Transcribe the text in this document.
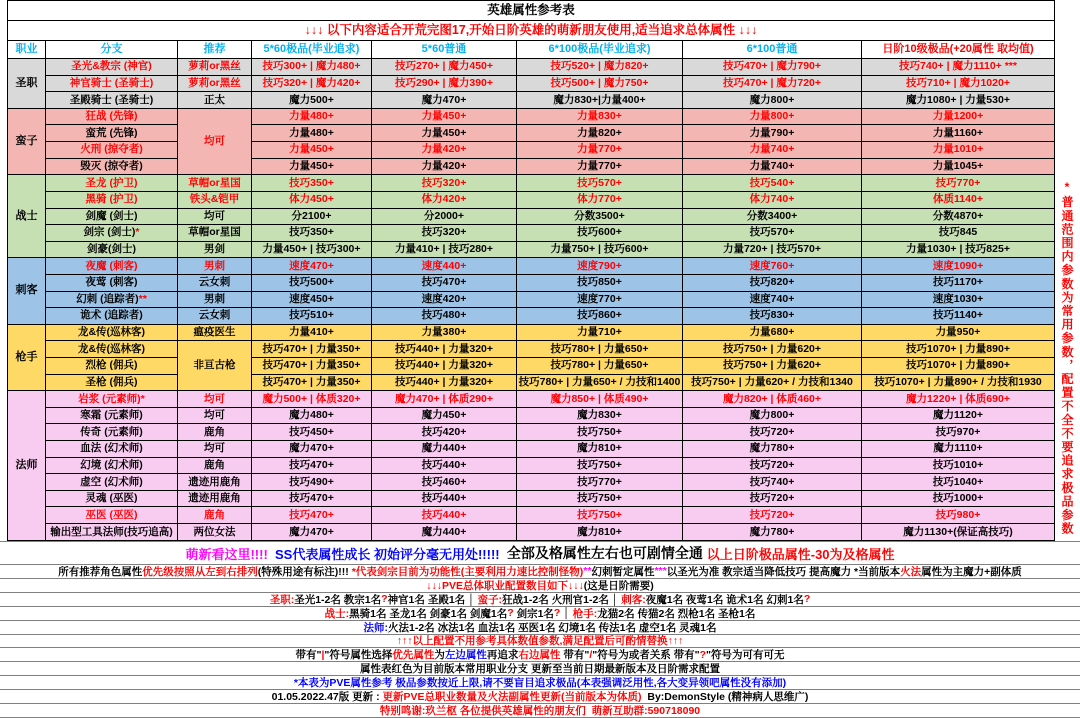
英雄属性参考表							
↓↓↓ 以下内容适合开荒完图17,开始日阶英雄的萌新朋友使用,适当追求总体属性 ↓↓↓							
职业	分支	推荐	5*60极品(毕业追求)	5*60普通	6*100极品(毕业追求)	6*100普通	日阶10级极品(+20属性 取均值)
圣职	圣光&教宗 (神官)	萝莉or黑丝	技巧300+ | 魔力480+	技巧270+ | 魔力450+	技巧520+ | 魔力820+	技巧470+ | 魔力790+	技巧740+ | 魔力1110+ ***
	神官骑士 (圣骑士)	萝莉or黑丝	技巧320+ | 魔力420+	技巧290+ | 魔力390+	技巧500+ | 魔力750+	技巧470+ | 魔力720+	技巧710+ | 魔力1020+
	圣殿骑士 (圣骑士)	正太	魔力500+	魔力470+	魔力830+|力量400+	魔力800+	魔力1080+ | 力量530+
蛮子	狂战 (先锋)	均可	力量480+	力量450+	力量830+	力量800+	力量1200+
	蛮荒 (先锋)		力量480+	力量450+	力量820+	力量790+	力量1160+
	火刑 (掠夺者)		力量450+	力量420+	力量770+	力量740+	力量1010+
	毁灭 (掠夺者)		力量450+	力量420+	力量770+	力量740+	力量1045+
战士	圣龙 (护卫)	草帽or星国	技巧350+	技巧320+	技巧570+	技巧540+	技巧770+
	黑骑 (护卫)	铁头&铠甲	体力450+	体力420+	体力770+	体力740+	体质1140+
	剑魔 (剑士)	均可	分2100+	分2000+	分数3500+	分数3400+	分数4870+
	剑宗 (剑士)*	草帽or星国	技巧350+	技巧320+	技巧600+	技巧570+	技巧845
	剑豪(剑士)	男剑	力量450+ | 技巧300+	力量410+ | 技巧280+	力量750+ | 技巧600+	力量720+ | 技巧570+	力量1030+ | 技巧825+
刺客	夜魔 (刺客)	男刺	速度470+	速度440+	速度790+	速度760+	速度1090+
	夜莺 (刺客)	云女刺	技巧500+	技巧470+	技巧850+	技巧820+	技巧1170+
	幻刺 (追踪者)**	男刺	速度450+	速度420+	速度770+	速度740+	速度1030+
	诡术 (追踪者)	云女刺	技巧510+	技巧480+	技巧860+	技巧830+	技巧1140+
枪手	龙&传(巡林客)	瘟疫医生	力量410+	力量380+	力量710+	力量680+	力量950+
	龙&传(巡林客)	非亘古枪	技巧470+ | 力量350+	技巧440+ | 力量320+	技巧780+ | 力量650+	技巧750+ | 力量620+	技巧1070+ | 力量890+
	烈枪 (佣兵)		技巧470+ | 力量350+	技巧440+ | 力量320+	技巧780+ | 力量650+	技巧750+ | 力量620+	技巧1070+ | 力量890+
	圣枪 (佣兵)		技巧470+ | 力量350+	技巧440+ | 力量320+	技巧780+ | 力量650+ / 力技和1400	技巧750+ | 力量620+ / 力技和1340	技巧1070+ | 力量890+ / 力技和1930
法师	岩浆 (元素师)*	均可	魔力500+ | 体质320+	魔力470+ | 体质290+	魔力850+ | 体质490+	魔力820+ | 体质460+	魔力1220+ | 体质690+
	寒霜 (元素师)	均可	魔力480+	魔力450+	魔力830+	魔力800+	魔力1120+
	传奇 (元素师)	鹿角	技巧450+	技巧420+	技巧750+	技巧720+	技巧970+
	血法 (幻术师)	均可	魔力470+	魔力440+	魔力810+	魔力780+	魔力1110+
	幻境 (幻术师)	鹿角	技巧470+	技巧440+	技巧750+	技巧720+	技巧1010+
	虚空 (幻术师)	遗迹用鹿角	技巧490+	技巧460+	技巧770+	技巧740+	技巧1040+
	灵魂 (巫医)	遗迹用鹿角	技巧470+	技巧440+	技巧750+	技巧720+	技巧1000+
	巫医 (巫医)	鹿角	技巧470+	技巧440+	技巧750+	技巧720+	技巧980+
	输出型工具法师(技巧追高)	两位女法	魔力470+	魔力440+	魔力810+	魔力780+	魔力1130+(保证高技巧)	*普通范围内参数为常用参数，配置不全不要追求极品参数
萌新看这里!!!! SS代表属性成长 初始评分毫无用处!!!!! 全部及格属性左右也可剧情全通 以上日阶极品属性-30为及格属性
所有推荐角色属性 优先级按照从左到右排列 (特殊用途有标注)!!! *代表剑宗目前为功能性(主要利用力速比控制怪物) ** 幻刺暂定属性 *** 以圣光为准 教宗适当降低技巧 提高魔力 *当前版本 火法 属性为主魔力+副体质
↓↓↓PVE总体职业配置数目如下↓↓↓ (这是日阶需要)
圣职: 圣光1-2名 教宗1名 ? 神官1名 圣殿1名 │ 蛮子: 狂战1-2名 火刑官1-2名 │ 刺客: 夜魔1名 夜莺1名 诡术1名 幻刺1名 ?
战士: 黑骑1名 圣龙1名 剑豪1名 剑魔1名 ? 剑宗1名 ? │ 枪手: 龙猫2名 传猫2名 烈枪1名 圣枪1名
法师: 火法1-2名 冰法1名 血法1名 巫医1名 幻境1名 传法1名 虚空1名 灵魂1名
↑↑↑以上配置不用参考具体数值参数,满足配置后可酌情替换↑↑↑
带有" | "符号属性选择 优先属性 为 左边属性 再追求 右边属性 带有" / "符号为或者关系 带有" ? "符号为可有可无
属性表红色为目前版本常用职业分支 更新至当前日期最新版本及日阶需求配置
*本表为PVE属性参考 极品参数按近上限,请不要盲目追求极品(本表强调泛用性,各大变异领吧属性没有添加)
01.05.2022.47版 更新 : 更新PVE总职业数量及火法副属性更新(当前版本为体质) By:DemonStyle (精神病人思维广)
特别鸣谢:玖兰枢 各位提供英雄属性的朋友们  萌新互助群:590718090
